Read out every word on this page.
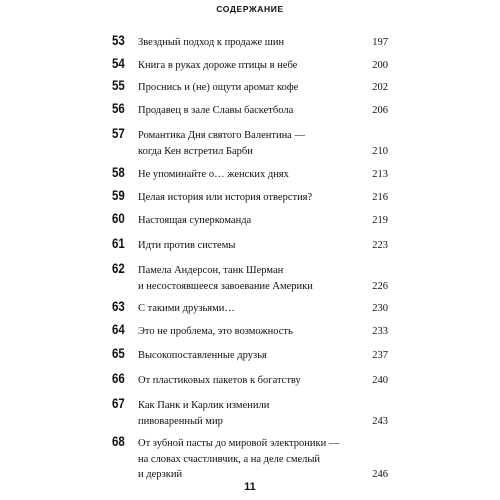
СОДЕРЖАНИЕ
53 Звездный подход к продаже шин	197
54 Книга в руках дороже птицы в небе	200
55 Проснись и (не) ощути аромат кофе	202
56 Продавец в зале Славы баскетбола	206
57 Романтика Дня святого Валентина —
когда Кен встретил Барби	210
58 Не упоминайте о… женских днях	213
59 Целая история или история отверстия?	216
60 Настоящая суперкоманда	219
61 Идти против системы	223
62 Памела Андерсон, танк Шерман
и несостоявшееся завоевание Америки	226
63 С такими друзьями…	230
64 Это не проблема, это возможность	233
65 Высокопоставленные друзья	237
66 От пластиковых пакетов к богатству	240
67 Как Панк и Карлик изменили
пивоваренный мир	243
68 От зубной пасты до мировой электроники —
на словах счастливчик, а на деле смелый
и дерзкий	246
11
